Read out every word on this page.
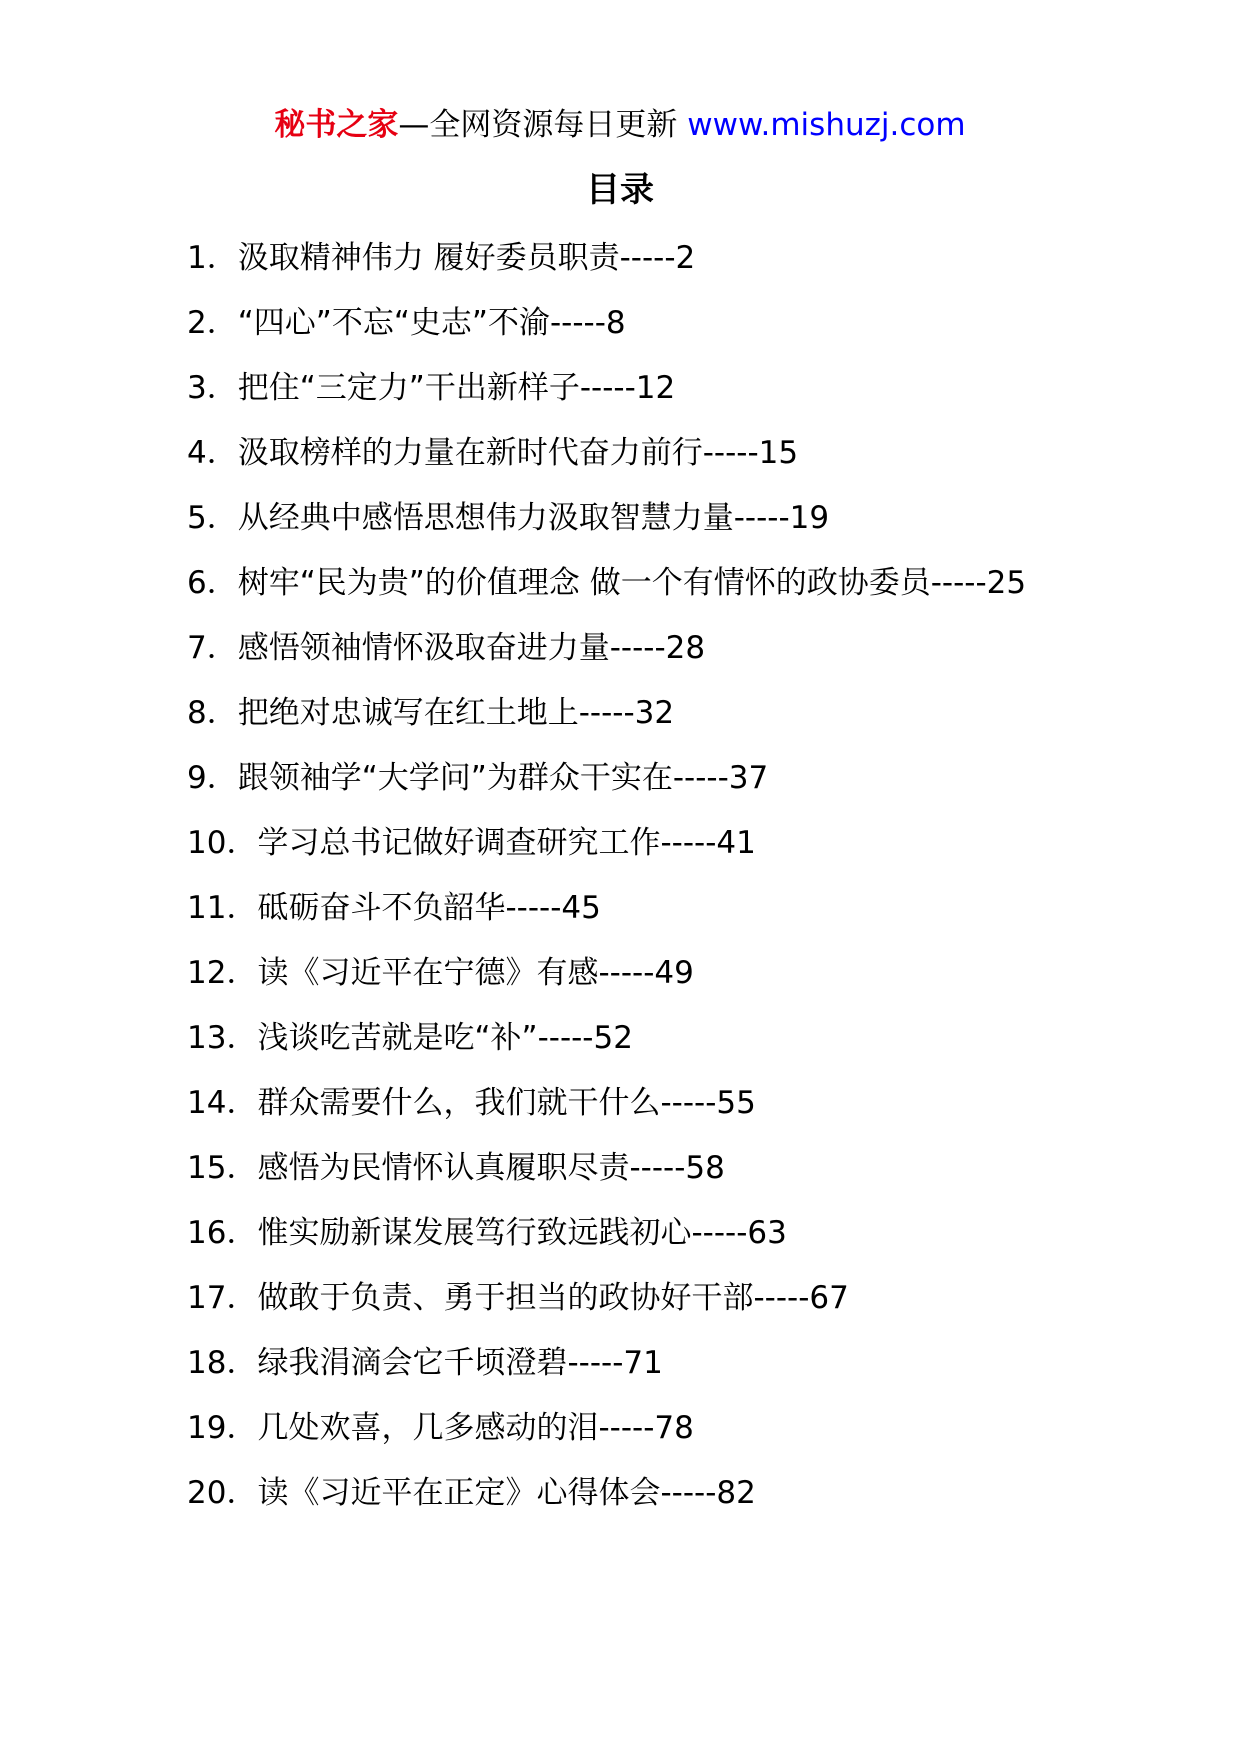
秘书之家—全网资源每日更新 www.mishuzj.com
目录
1．汲取精神伟力 履好委员职责-----2
2．“四心”不忘“史志”不渝-----8
3．把住“三定力”干出新样子-----12
4．汲取榜样的力量在新时代奋力前行-----15
5．从经典中感悟思想伟力汲取智慧力量-----19
6．树牢“民为贵”的价值理念 做一个有情怀的政协委员-----25
7．感悟领袖情怀汲取奋进力量-----28
8．把绝对忠诚写在红土地上-----32
9．跟领袖学“大学问”为群众干实在-----37
10．学习总书记做好调查研究工作-----41
11．砥砺奋斗不负韶华-----45
12．读《习近平在宁德》有感-----49
13．浅谈吃苦就是吃“补”-----52
14．群众需要什么，我们就干什么-----55
15．感悟为民情怀认真履职尽责-----58
16．惟实励新谋发展笃行致远践初心-----63
17．做敢于负责、勇于担当的政协好干部-----67
18．绿我涓滴会它千顷澄碧-----71
19．几处欢喜，几多感动的泪-----78
20．读《习近平在正定》心得体会-----82
